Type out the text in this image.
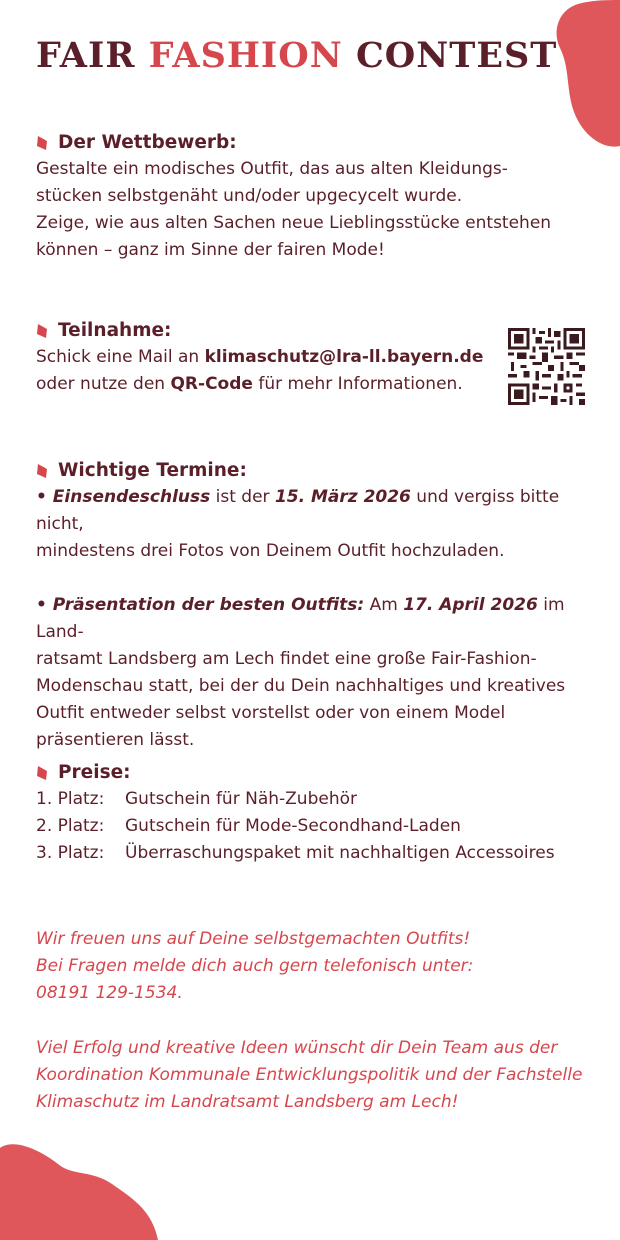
FAIR FASHION CONTEST
Der Wettbewerb:

Gestalte ein modisches Outfit, das aus alten Kleidungs-

stücken selbstgenäht und/oder upgecycelt wurde.

Zeige, wie aus alten Sachen neue Lieblingsstücke entstehen

können – ganz im Sinne der fairen Mode!

Teilnahme:

Schick eine Mail an klimaschutz@lra-ll.bayern.de

oder nutze den QR-Code für mehr Informationen.

Wichtige Termine:

• Einsendeschluss ist der 15. März 2026 und vergiss bitte nicht,

mindestens drei Fotos von Deinem Outfit hochzuladen.

• Präsentation der besten Outfits: Am 17. April 2026 im Land-

ratsamt Landsberg am Lech findet eine große Fair-Fashion-

Modenschau statt, bei der du Dein nachhaltiges und kreatives

Outfit entweder selbst vorstellst oder von einem Model

präsentieren lässt.

Preise:
1. Platz:	Gutschein für Näh-Zubehör
2. Platz:	Gutschein für Mode-Secondhand-Laden
3. Platz:	Überraschungspaket mit nachhaltigen Accessoires
Wir freuen uns auf Deine selbstgemachten Outfits!
Bei Fragen melde dich auch gern telefonisch unter:
08191 129-1534.
Viel Erfolg und kreative Ideen wünscht dir Dein Team aus der
Koordination Kommunale Entwicklungspolitik und der Fachstelle
Klimaschutz im Landratsamt Landsberg am Lech!
